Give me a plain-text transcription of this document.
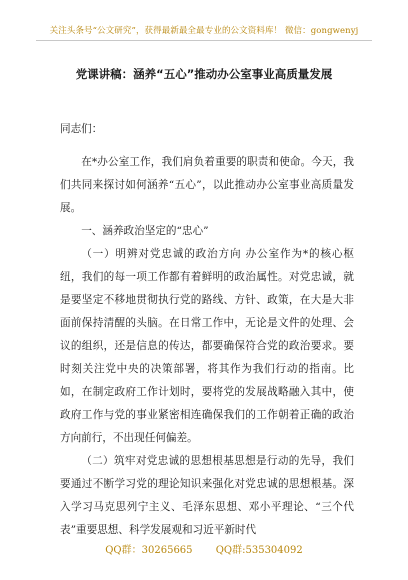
关注头条号“公文研究”，获得最新最全最专业的公文资料库！ 微信：gongwenyj
党课讲稿：涵养“五心”推动办公室事业高质量发展

同志们：

在*办公室工作，我们肩负着重要的职责和使命。今天，我们共同来探讨如何涵养“五心”，以此推动办公室事业高质量发展。

一、涵养政治坚定的“忠心”

（一）明辨对党忠诚的政治方向 办公室作为*的核心枢纽，我们的每一项工作都有着鲜明的政治属性。对党忠诚，就是要坚定不移地贯彻执行党的路线、方针、政策，在大是大非面前保持清醒的头脑。在日常工作中，无论是文件的处理、会议的组织，还是信息的传达，都要确保符合党的政治要求。要时刻关注党中央的决策部署，将其作为我们行动的指南。比如，在制定政府工作计划时，要将党的发展战略融入其中，使政府工作与党的事业紧密相连确保我们的工作朝着正确的政治方向前行，不出现任何偏差。

（二）筑牢对党忠诚的思想根基思想是行动的先导，我们要通过不断学习党的理论知识来强化对党忠诚的思想根基。深入学习马克思列宁主义、毛泽东思想、邓小平理论、“三个代表”重要思想、科学发展观和习近平新时代

QQ群：30265665 QQ群:535304092
